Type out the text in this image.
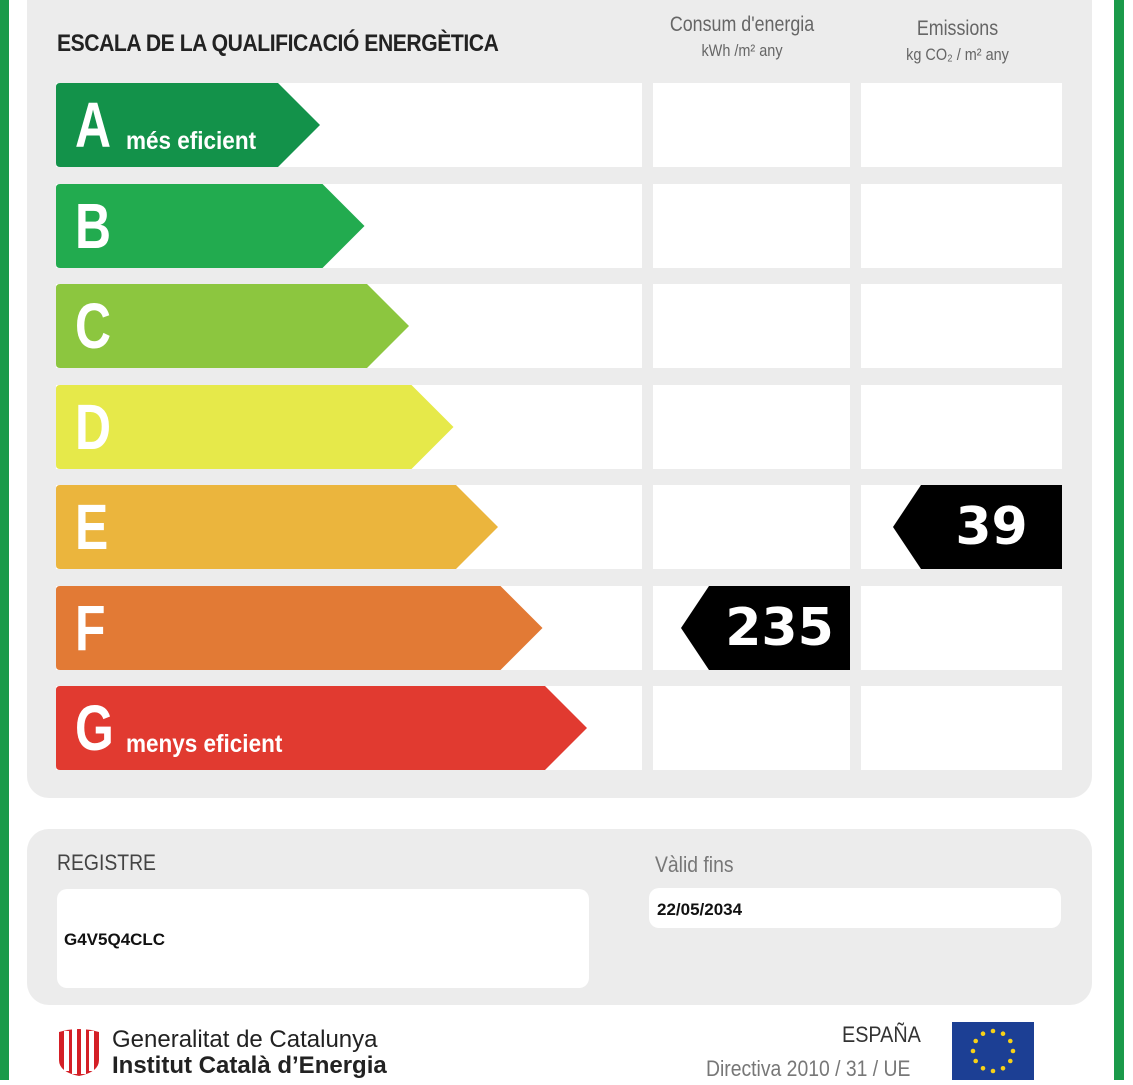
ESCALA DE LA QUALIFICACIÓ ENERGÈTICA
Consum d'energia
kWh /m² any
Emissions
kg CO₂ / m² any
A més eficient
B
C
D
E
F
G menys eficient
235
39
REGISTRE	Vàlid fins
G4V5Q4CLC
22/05/2034
Generalitat de Catalunya
Institut Català d’Energia
ESPAÑA
Directiva 2010 / 31 / UE
